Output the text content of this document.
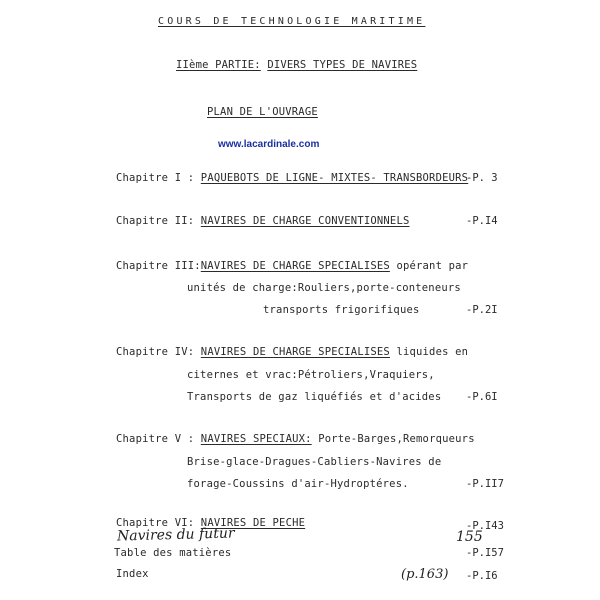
COURS DE TECHNOLOGIE MARITIME
IIème PARTIE: DIVERS TYPES DE NAVIRES
PLAN DE L'OUVRAGE
www.lacardinale.com
Chapitre I : PAQUEBOTS DE LIGNE- MIXTES- TRANSBORDEURS
-P. 3
Chapitre II: NAVIRES DE CHARGE CONVENTIONNELS	-P.I4
Chapitre III:NAVIRES DE CHARGE SPECIALISES opérant par
unités de charge:Rouliers,porte-conteneurs
transports frigorifiques	-P.2I
Chapitre IV: NAVIRES DE CHARGE SPECIALISES liquides en
citernes et vrac:Pétroliers,Vraquiers,
Transports de gaz liquéfiés et d'acides -P.6I
Chapitre V : NAVIRES SPECIAUX: Porte-Barges,Remorqueurs
Brise-glace-Dragues-Cabliers-Navires de
forage-Coussins d'air-Hydroptéres.	-P.II7
Chapitre VI: NAVIRES DE PECHE	-P.I43
Navires du futur	155
Table des matières	-P.I57
Index	(p.163) -P.I6
